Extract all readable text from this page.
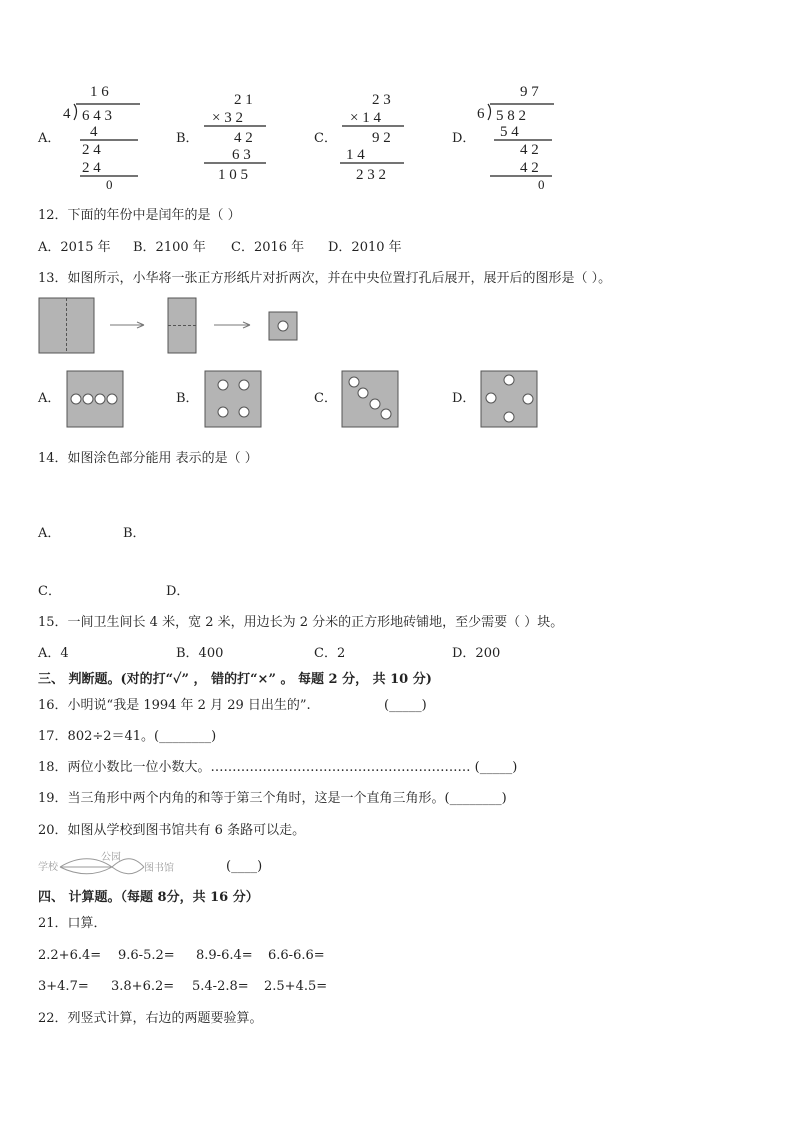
A．
1 6
4 6 4 3
4
2 4
2 4
0
B．
2 1
× 3 2
4 2
6 3
1 0 5
C．
2 3
× 1 4
9 2
1 4
2 3 2
D．
9 7
6 5 8 2
5 4
4 2
4 2
0
12．下面的年份中是闰年的是（ ）
A．2015 年 B．2100 年 C．2016 年 D．2010 年
13．如图所示，小华将一张正方形纸片对折两次，并在中央位置打孔后展开，展开后的图形是（ ）。
A．	B．	C．	D．
14．如图涂色部分能用 表示的是（ ）
A．	B．
C．	D．
15．一间卫生间长 4 米，宽 2 米，用边长为 2 分米的正方形地砖铺地，至少需要（ ）块。
A．4	B．400	C．2	D．200
三、 判断题。(对的打“✓” ， 错的打“×” 。 每题 2 分， 共 10 分)
16．小明说“我是 1994 年 2 月 29 日出生的”.	(_____)
17．802÷2＝41。(________)
18．两位小数比一位小数大。…………………………………………………… (_____)
19．当三角形中两个内角的和等于第三个角时，这是一个直角三角形。(________)
20．如图从学校到图书馆共有 6 条路可以走。
学校
公园
图书馆	(____)
四、 计算题。（每题 8分，共 16 分）
21．口算．
2.2+6.4= 9.6-5.2= 8.9-6.4= 6.6-6.6=
3+4.7= 3.8+6.2= 5.4-2.8= 2.5+4.5=
22．列竖式计算，右边的两题要验算。
